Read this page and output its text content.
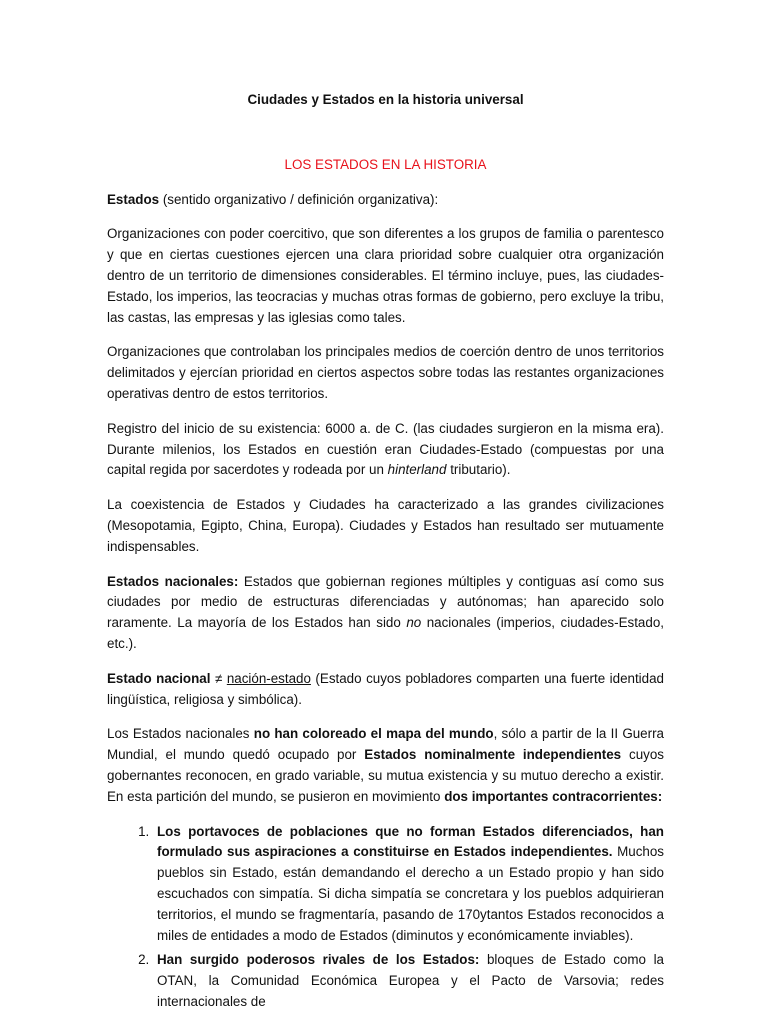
Ciudades y Estados en la historia universal
LOS ESTADOS EN LA HISTORIA

Estados (sentido organizativo / definición organizativa):

Organizaciones con poder coercitivo, que son diferentes a los grupos de familia o parentesco y que en ciertas cuestiones ejercen una clara prioridad sobre cualquier otra organización dentro de un territorio de dimensiones considerables. El término incluye, pues, las ciudades-Estado, los imperios, las teocracias y muchas otras formas de gobierno, pero excluye la tribu, las castas, las empresas y las iglesias como tales.

Organizaciones que controlaban los principales medios de coerción dentro de unos territorios delimitados y ejercían prioridad en ciertos aspectos sobre todas las restantes organizaciones operativas dentro de estos territorios.

Registro del inicio de su existencia: 6000 a. de C. (las ciudades surgieron en la misma era). Durante milenios, los Estados en cuestión eran Ciudades-Estado (compuestas por una capital regida por sacerdotes y rodeada por un hinterland tributario).

La coexistencia de Estados y Ciudades ha caracterizado a las grandes civilizaciones (Mesopotamia, Egipto, China, Europa). Ciudades y Estados han resultado ser mutuamente indispensables.

Estados nacionales: Estados que gobiernan regiones múltiples y contiguas así como sus ciudades por medio de estructuras diferenciadas y autónomas; han aparecido solo raramente. La mayoría de los Estados han sido no nacionales (imperios, ciudades-Estado, etc.).

Estado nacional ≠ nación-estado (Estado cuyos pobladores comparten una fuerte identidad lingüística, religiosa y simbólica).

Los Estados nacionales no han coloreado el mapa del mundo, sólo a partir de la II Guerra Mundial, el mundo quedó ocupado por Estados nominalmente independientes cuyos gobernantes reconocen, en grado variable, su mutua existencia y su mutuo derecho a existir. En esta partición del mundo, se pusieron en movimiento dos importantes contracorrientes:

1. Los portavoces de poblaciones que no forman Estados diferenciados, han formulado sus aspiraciones a constituirse en Estados independientes. Muchos pueblos sin Estado, están demandando el derecho a un Estado propio y han sido escuchados con simpatía. Si dicha simpatía se concretara y los pueblos adquirieran territorios, el mundo se fragmentaría, pasando de 170ytantos Estados reconocidos a miles de entidades a modo de Estados (diminutos y económicamente inviables).
2. Han surgido poderosos rivales de los Estados: bloques de Estado como la OTAN, la Comunidad Económica Europea y el Pacto de Varsovia; redes internacionales de
